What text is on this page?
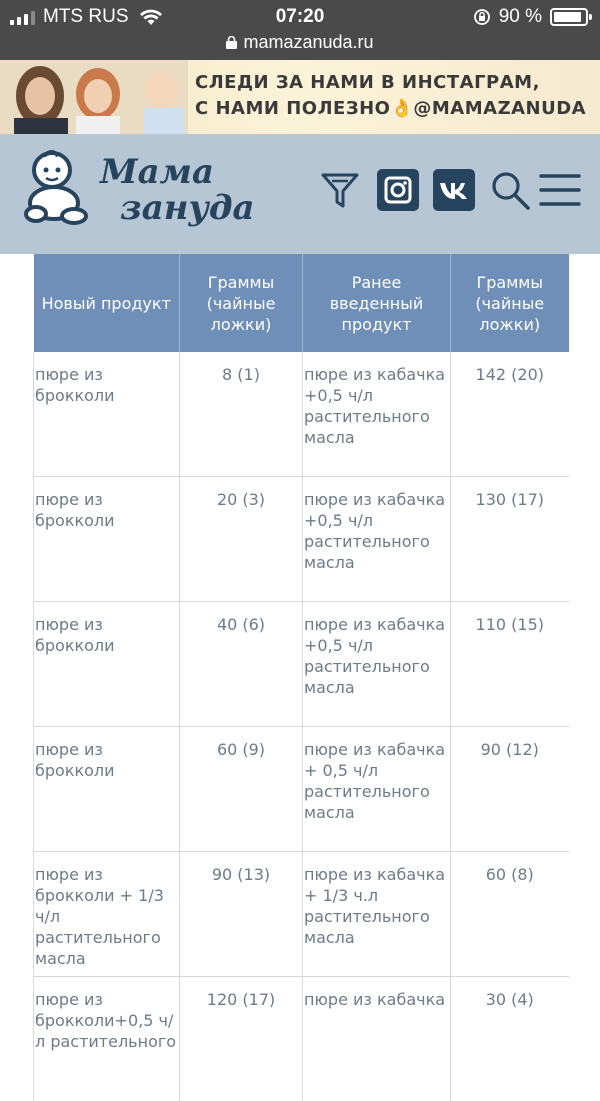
MTS RUS	07:20	90 %
mamazanuda.ru
СЛЕДИ ЗА НАМИ В ИНСТАГРАМ,
С НАМИ ПОЛЕЗНО👌@MAMAZANUDA
Мама
зануда
Новый продукт	Граммы (чайные ложки)	Ранее введенный продукт	Граммы (чайные ложки)
пюре из брокколи	8 (1)	пюре из кабачка +0,5 ч/л растительного масла	142 (20)
пюре из брокколи	20 (3)	пюре из кабачка +0,5 ч/л растительного масла	130 (17)
пюре из брокколи	40 (6)	пюре из кабачка +0,5 ч/л растительного масла	110 (15)
пюре из брокколи	60 (9)	пюре из кабачка + 0,5 ч/л растительного масла	90 (12)
пюре из брокколи + 1/3 ч/л растительного масла	90 (13)	пюре из кабачка + 1/3 ч.л растительного масла	60 (8)
пюре из брокколи+0,5 ч/л растительного	120 (17)	пюре из кабачка	30 (4)
